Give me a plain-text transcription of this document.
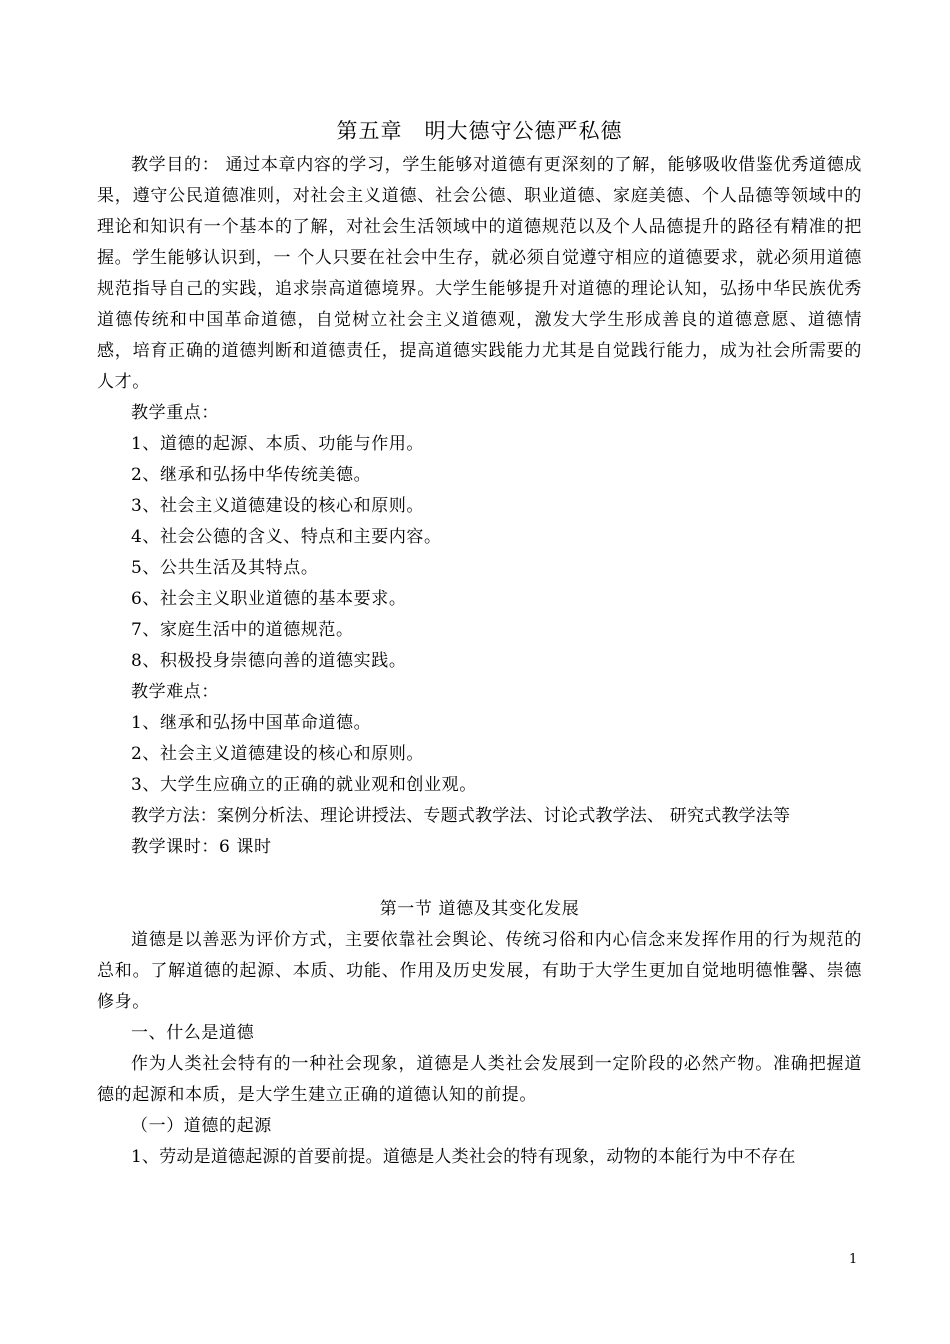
第五章　明大德守公德严私德

教学目的： 通过本章内容的学习，学生能够对道德有更深刻的了解，能够吸收借鉴优秀道德成果，遵守公民道德准则，对社会主义道德、社会公德、职业道德、家庭美德、个人品德等领域中的理论和知识有一个基本的了解，对社会生活领域中的道德规范以及个人品德提升的路径有精准的把握。学生能够认识到，一 个人只要在社会中生存，就必须自觉遵守相应的道德要求，就必须用道德规范指导自己的实践，追求崇高道德境界。大学生能够提升对道德的理论认知，弘扬中华民族优秀道德传统和中国革命道德，自觉树立社会主义道德观，激发大学生形成善良的道德意愿、道德情感，培育正确的道德判断和道德责任，提高道德实践能力尤其是自觉践行能力，成为社会所需要的人才。

教学重点：
1、道德的起源、本质、功能与作用。
2、继承和弘扬中华传统美德。
3、社会主义道德建设的核心和原则。
4、社会公德的含义、特点和主要内容。
5、公共生活及其特点。
6、社会主义职业道德的基本要求。
7、家庭生活中的道德规范。
8、积极投身崇德向善的道德实践。
教学难点：
1、继承和弘扬中国革命道德。
2、社会主义道德建设的核心和原则。
3、大学生应确立的正确的就业观和创业观。
教学方法：案例分析法、理论讲授法、专题式教学法、讨论式教学法、 研究式教学法等
教学课时：6 课时
第一节 道德及其变化发展

道德是以善恶为评价方式，主要依靠社会舆论、传统习俗和内心信念来发挥作用的行为规范的总和。了解道德的起源、本质、功能、作用及历史发展，有助于大学生更加自觉地明德惟馨、崇德修身。

一、什么是道德

作为人类社会特有的一种社会现象，道德是人类社会发展到一定阶段的必然产物。准确把握道德的起源和本质，是大学生建立正确的道德认知的前提。

（一）道德的起源
1、劳动是道德起源的首要前提。道德是人类社会的特有现象，动物的本能行为中不存在
1
